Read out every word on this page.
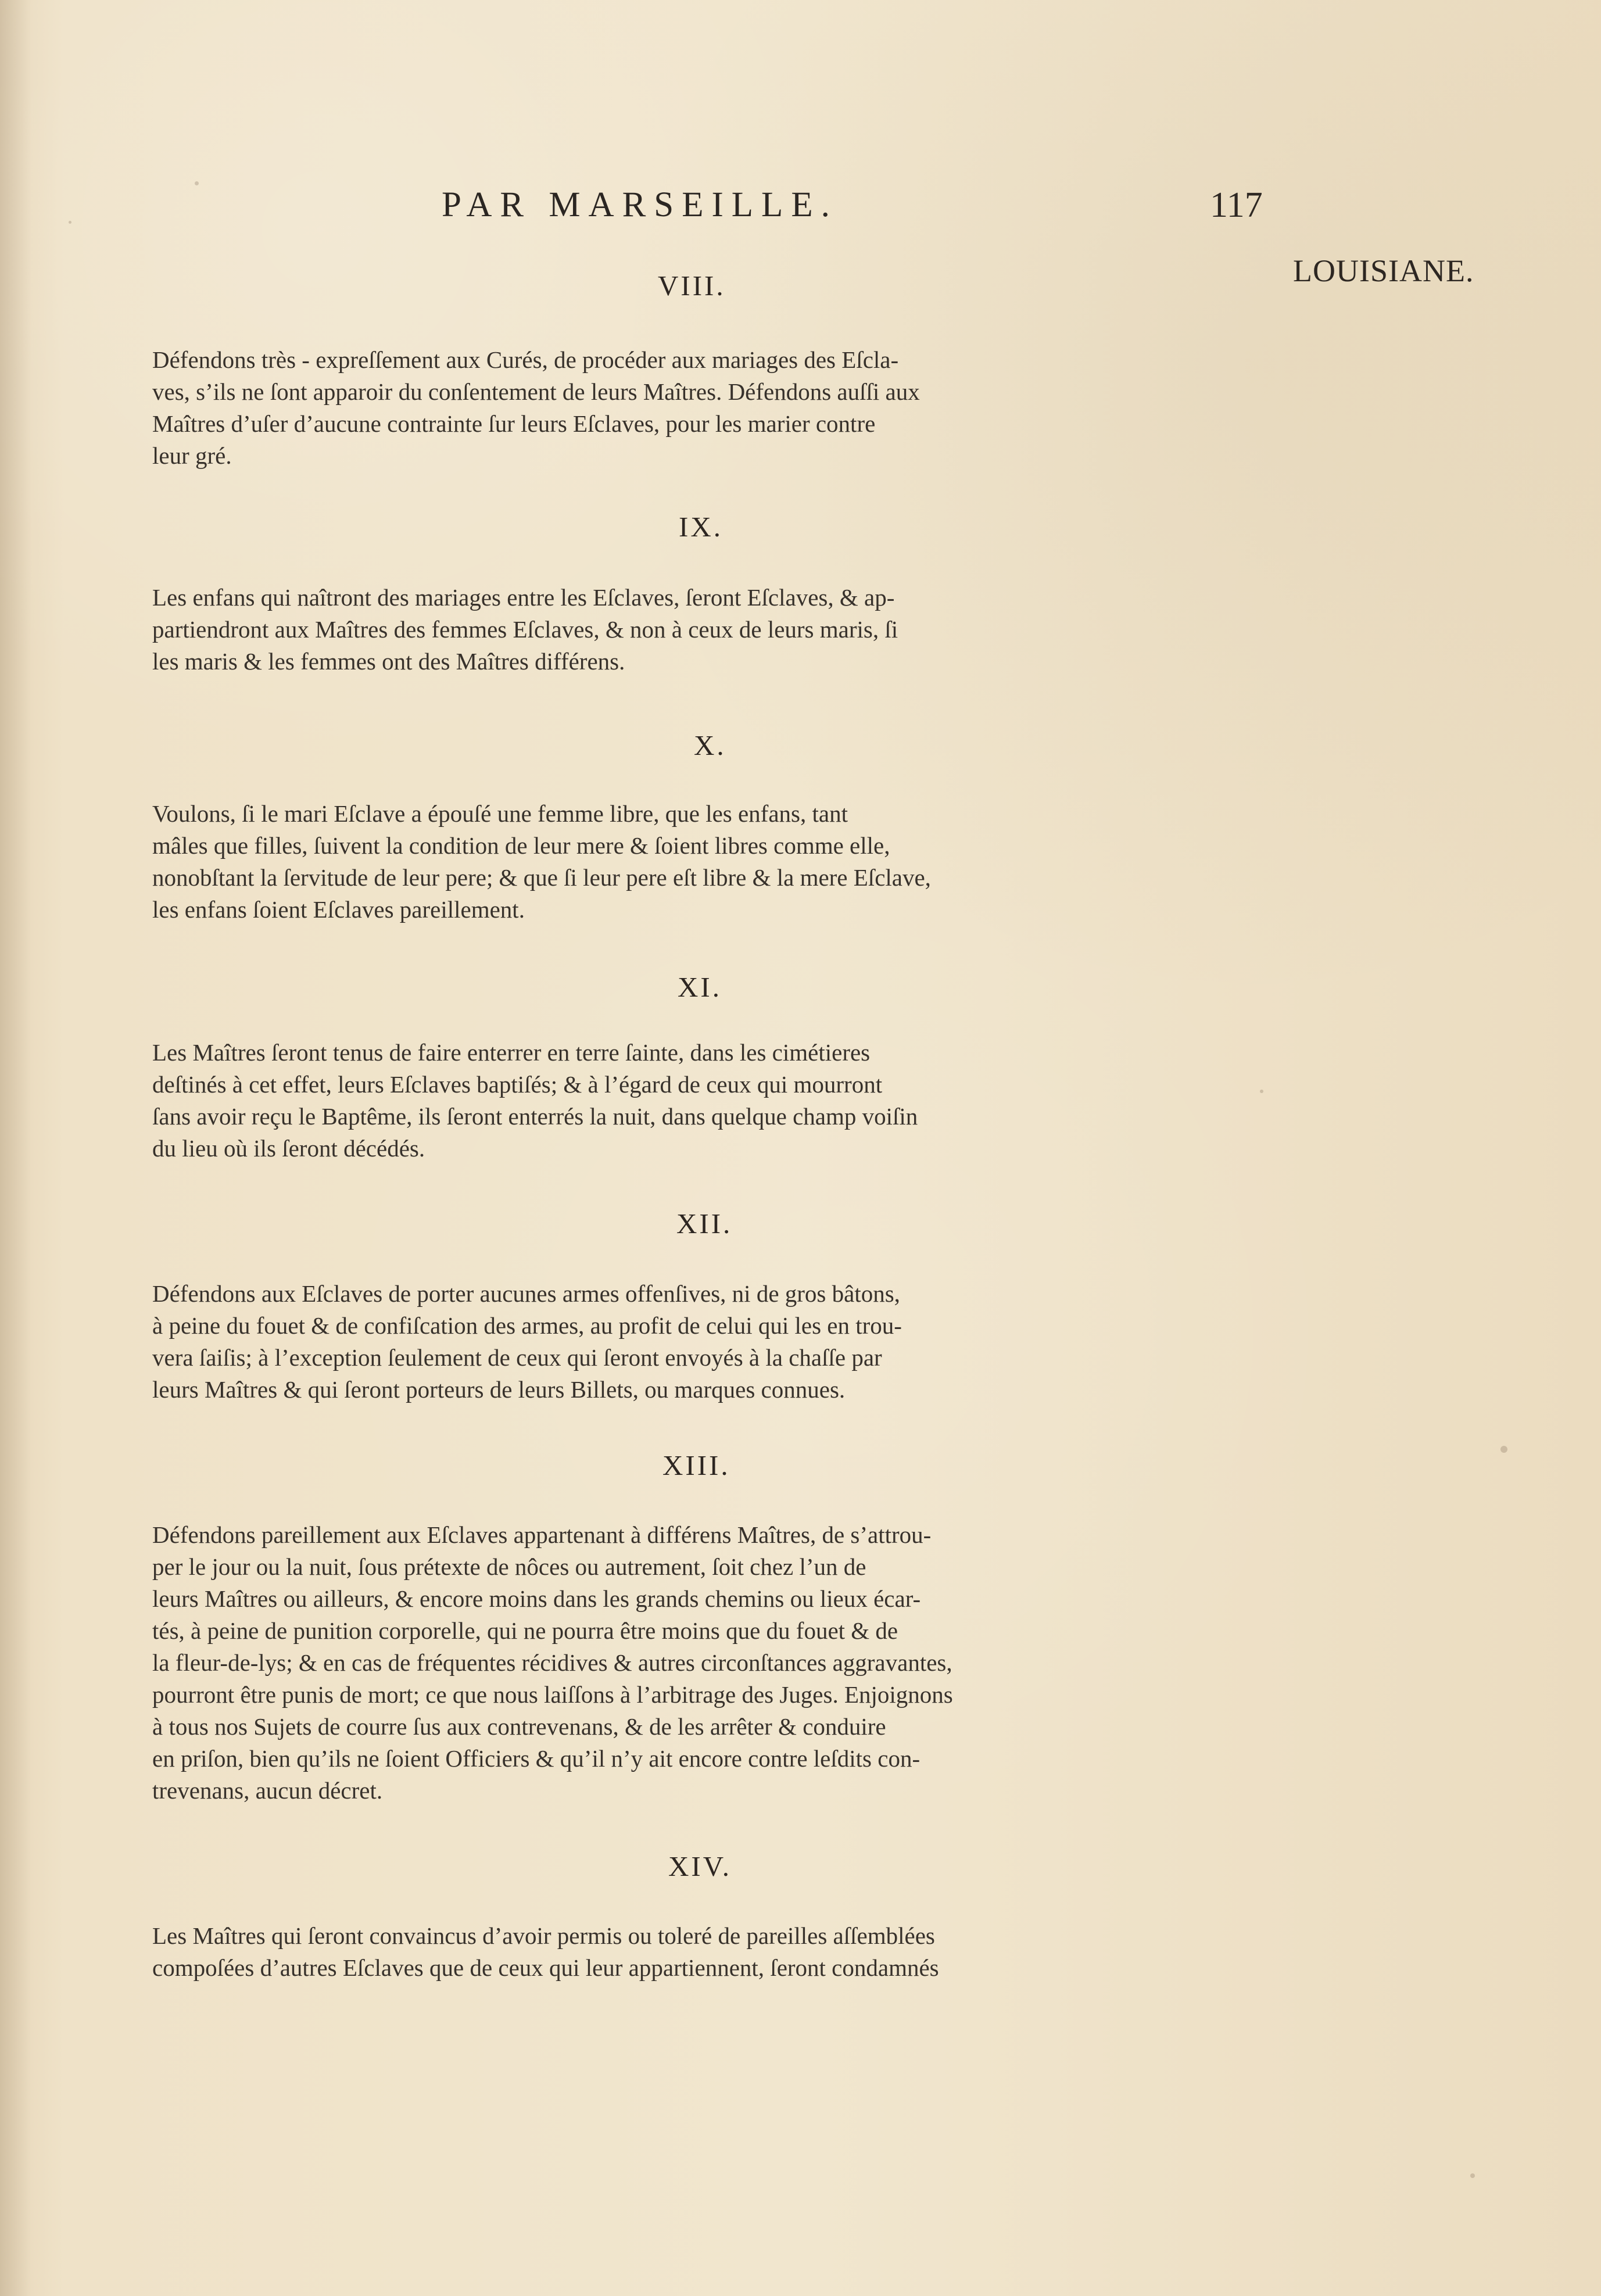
PAR MARSEILLE.	117
LOUISIANE.
VIII.

Défendons très - expreſſement aux Curés, de procéder aux mariages des Eſcla-
ves, s’ils ne ſont apparoir du conſentement de leurs Maîtres. Défendons auſſi aux
Maîtres d’uſer d’aucune contrainte ſur leurs Eſclaves, pour les marier contre
leur gré.

IX.

Les enfans qui naîtront des mariages entre les Eſclaves, ſeront Eſclaves, & ap-
partiendront aux Maîtres des femmes Eſclaves, & non à ceux de leurs maris, ſi
les maris & les femmes ont des Maîtres différens.

X.

Voulons, ſi le mari Eſclave a épouſé une femme libre, que les enfans, tant
mâles que filles, ſuivent la condition de leur mere & ſoient libres comme elle,
nonobſtant la ſervitude de leur pere; & que ſi leur pere eſt libre & la mere Eſclave,
les enfans ſoient Eſclaves pareillement.

XI.

Les Maîtres ſeront tenus de faire enterrer en terre ſainte, dans les cimétieres
deſtinés à cet effet, leurs Eſclaves baptiſés; & à l’égard de ceux qui mourront
ſans avoir reçu le Baptême, ils ſeront enterrés la nuit, dans quelque champ voiſin
du lieu où ils ſeront décédés.

XII.

Défendons aux Eſclaves de porter aucunes armes offenſives, ni de gros bâtons,
à peine du fouet & de confiſcation des armes, au profit de celui qui les en trou-
vera ſaiſis; à l’exception ſeulement de ceux qui ſeront envoyés à la chaſſe par
leurs Maîtres & qui ſeront porteurs de leurs Billets, ou marques connues.

XIII.

Défendons pareillement aux Eſclaves appartenant à différens Maîtres, de s’attrou-
per le jour ou la nuit, ſous prétexte de nôces ou autrement, ſoit chez l’un de
leurs Maîtres ou ailleurs, & encore moins dans les grands chemins ou lieux écar-
tés, à peine de punition corporelle, qui ne pourra être moins que du fouet & de
la fleur-de-lys; & en cas de fréquentes récidives & autres circonſtances aggravantes,
pourront être punis de mort; ce que nous laiſſons à l’arbitrage des Juges. Enjoignons
à tous nos Sujets de courre ſus aux contrevenans, & de les arrêter & conduire
en priſon, bien qu’ils ne ſoient Officiers & qu’il n’y ait encore contre leſdits con-
trevenans, aucun décret.

XIV.

Les Maîtres qui ſeront convaincus d’avoir permis ou toleré de pareilles aſſemblées
compoſées d’autres Eſclaves que de ceux qui leur appartiennent, ſeront condamnés
